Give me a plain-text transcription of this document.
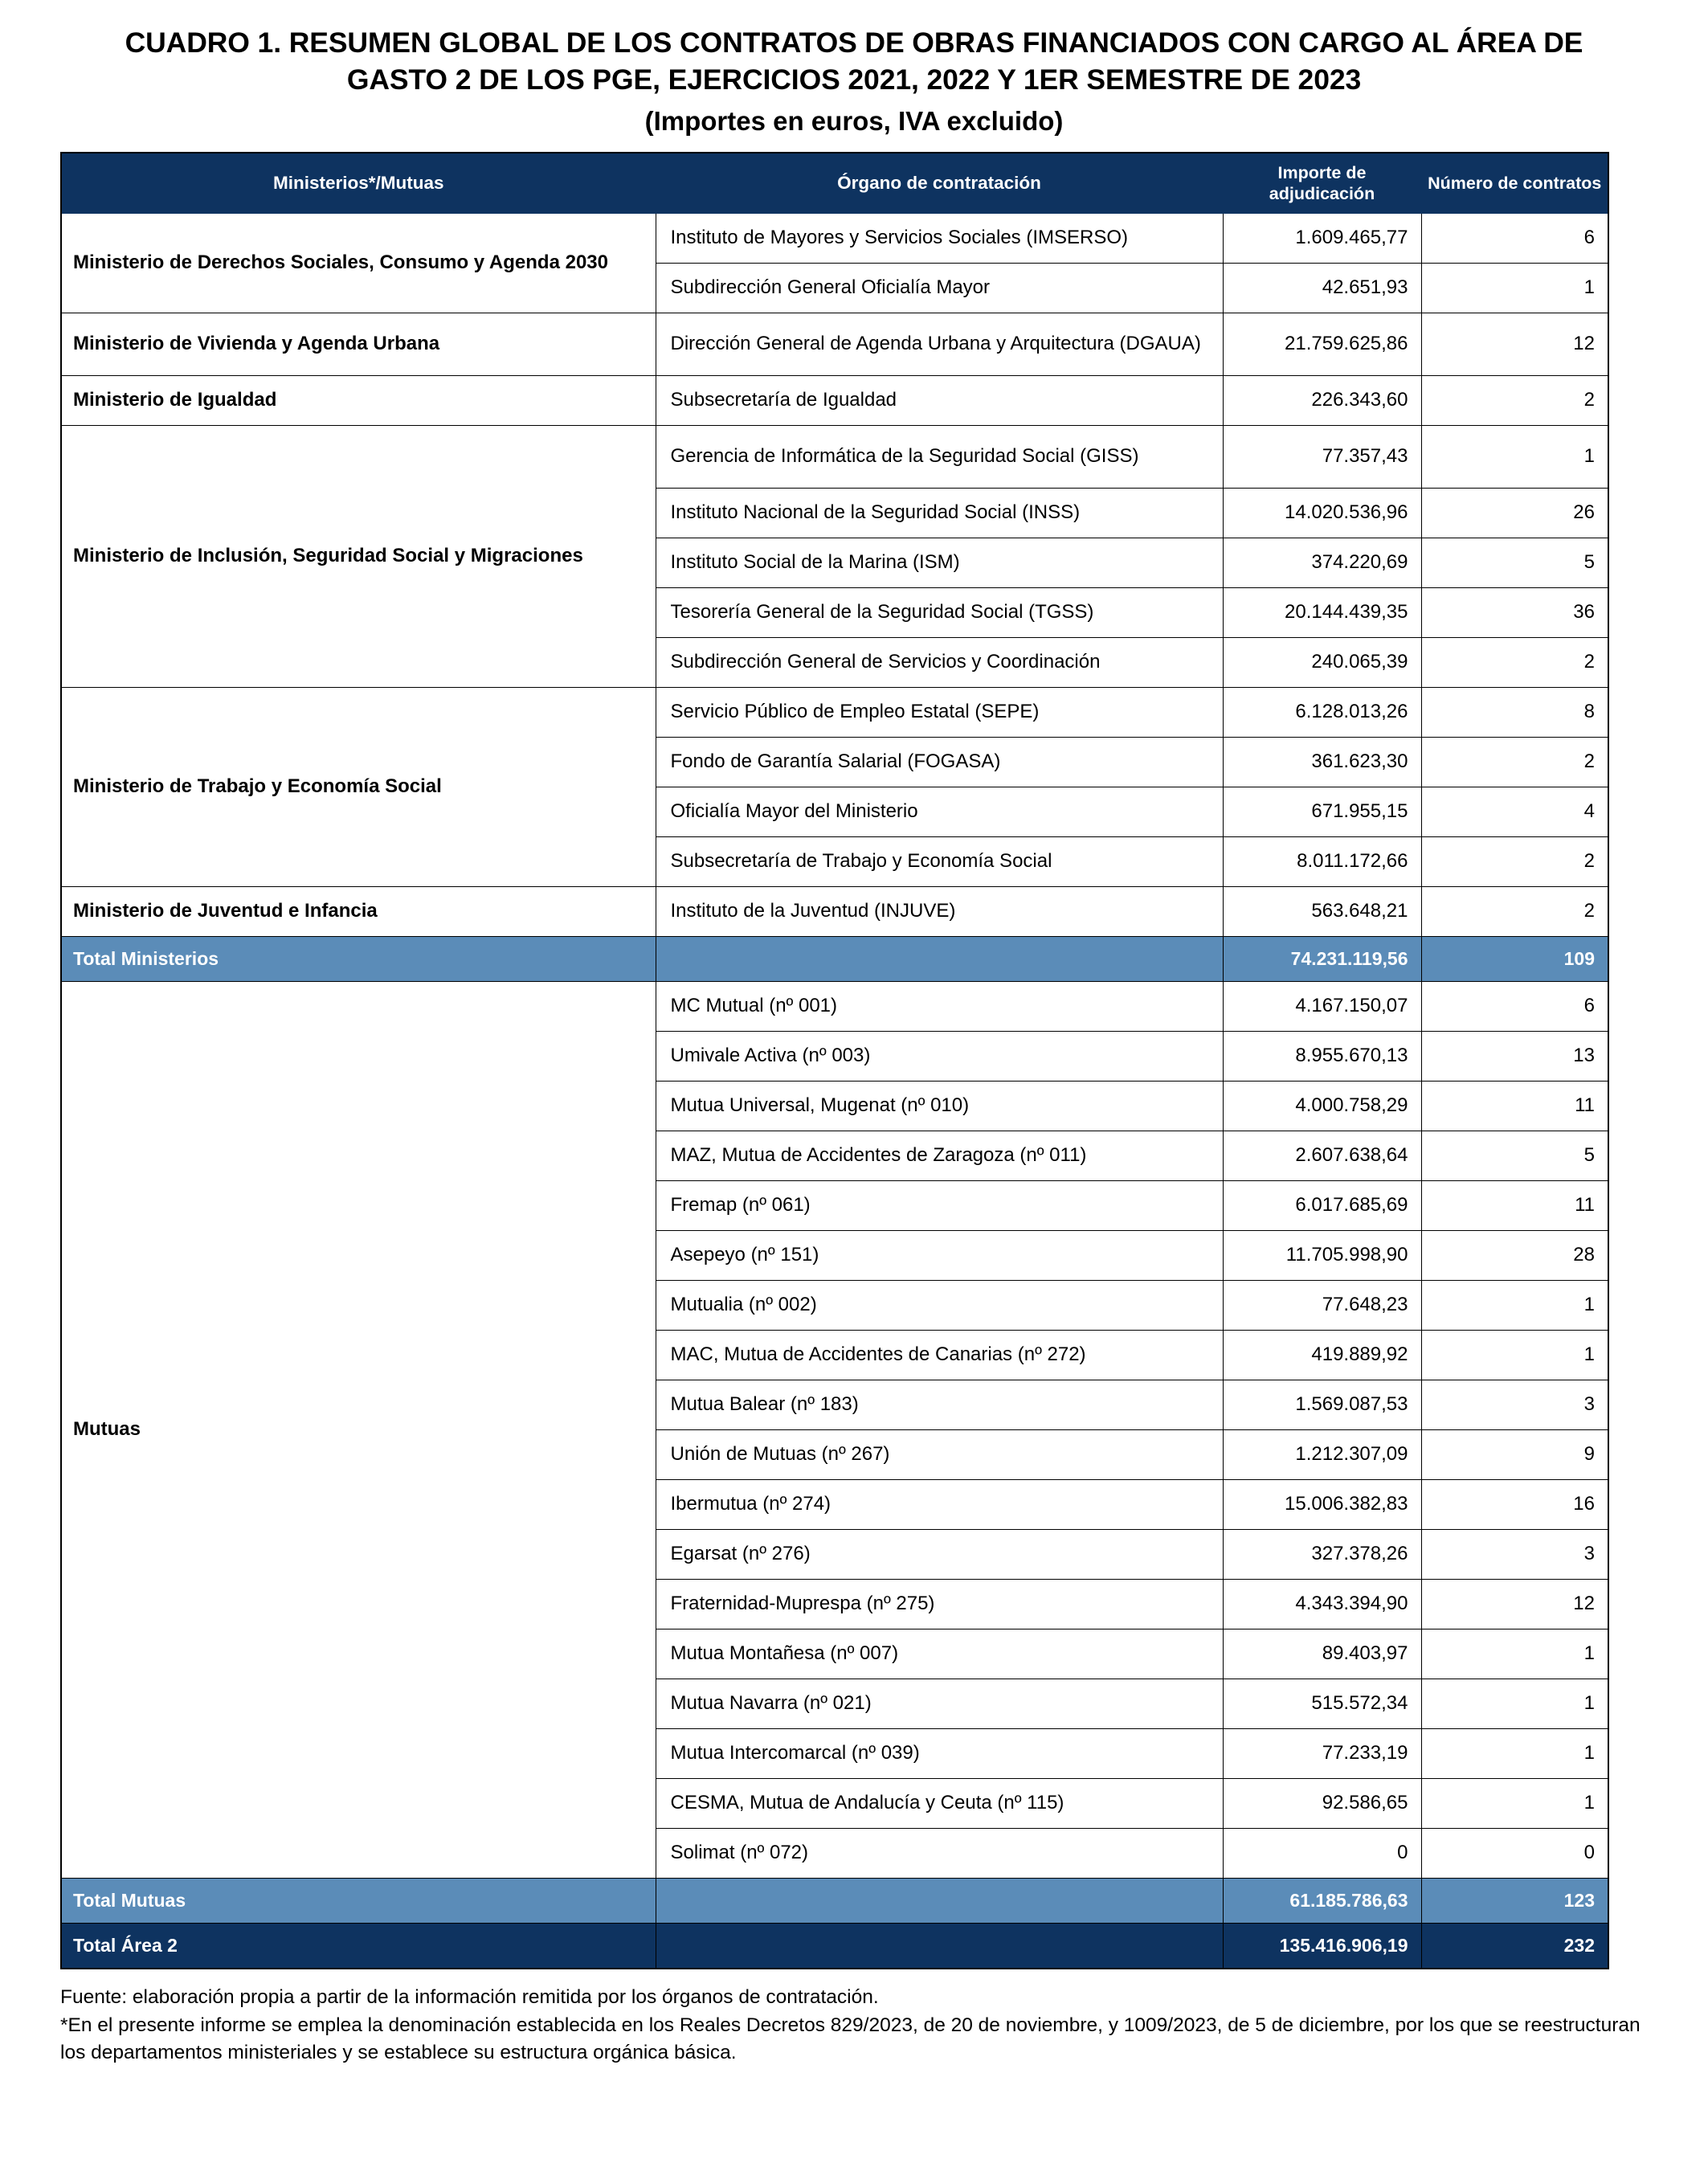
CUADRO 1. RESUMEN GLOBAL DE LOS CONTRATOS DE OBRAS FINANCIADOS CON CARGO AL ÁREA DE GASTO 2 DE LOS PGE, EJERCICIOS 2021, 2022 Y 1ER SEMESTRE DE 2023
(Importes en euros, IVA excluido)
Ministerios*/Mutuas	Órgano de contratación	Importe de adjudicación	Número de contratos
Ministerio de Derechos Sociales, Consumo y Agenda 2030	Instituto de Mayores y Servicios Sociales (IMSERSO)	1.609.465,77	6
	Subdirección General Oficialía Mayor	42.651,93	1
Ministerio de Vivienda y Agenda Urbana	Dirección General de Agenda Urbana y Arquitectura (DGAUA)	21.759.625,86	12
Ministerio de Igualdad	Subsecretaría de Igualdad	226.343,60	2
Ministerio de Inclusión, Seguridad Social y Migraciones	Gerencia de Informática de la Seguridad Social (GISS)	77.357,43	1
	Instituto Nacional de la Seguridad Social (INSS)	14.020.536,96	26
	Instituto Social de la Marina (ISM)	374.220,69	5
	Tesorería General de la Seguridad Social (TGSS)	20.144.439,35	36
	Subdirección General de Servicios y Coordinación	240.065,39	2
Ministerio de Trabajo y Economía Social	Servicio Público de Empleo Estatal (SEPE)	6.128.013,26	8
	Fondo de Garantía Salarial (FOGASA)	361.623,30	2
	Oficialía Mayor del Ministerio	671.955,15	4
	Subsecretaría de Trabajo y Economía Social	8.011.172,66	2
Ministerio de Juventud e Infancia	Instituto de la Juventud (INJUVE)	563.648,21	2
Total Ministerios		74.231.119,56	109
Mutuas	MC Mutual (nº 001)	4.167.150,07	6
	Umivale Activa (nº 003)	8.955.670,13	13
	Mutua Universal, Mugenat (nº 010)	4.000.758,29	11
	MAZ, Mutua de Accidentes de Zaragoza (nº 011)	2.607.638,64	5
	Fremap (nº 061)	6.017.685,69	11
	Asepeyo (nº 151)	11.705.998,90	28
	Mutualia (nº 002)	77.648,23	1
	MAC, Mutua de Accidentes de Canarias (nº 272)	419.889,92	1
	Mutua Balear (nº 183)	1.569.087,53	3
	Unión de Mutuas (nº 267)	1.212.307,09	9
	Ibermutua (nº 274)	15.006.382,83	16
	Egarsat (nº 276)	327.378,26	3
	Fraternidad-Muprespa (nº 275)	4.343.394,90	12
	Mutua Montañesa (nº 007)	89.403,97	1
	Mutua Navarra (nº 021)	515.572,34	1
	Mutua Intercomarcal (nº 039)	77.233,19	1
	CESMA, Mutua de Andalucía y Ceuta (nº 115)	92.586,65	1
	Solimat (nº 072)	0	0
Total Mutuas		61.185.786,63	123
Total Área 2		135.416.906,19	232

Fuente: elaboración propia a partir de la información remitida por los órganos de contratación.

*En el presente informe se emplea la denominación establecida en los Reales Decretos 829/2023, de 20 de noviembre, y 1009/2023, de 5 de diciembre, por los que se reestructuran los departamentos ministeriales y se establece su estructura orgánica básica.
